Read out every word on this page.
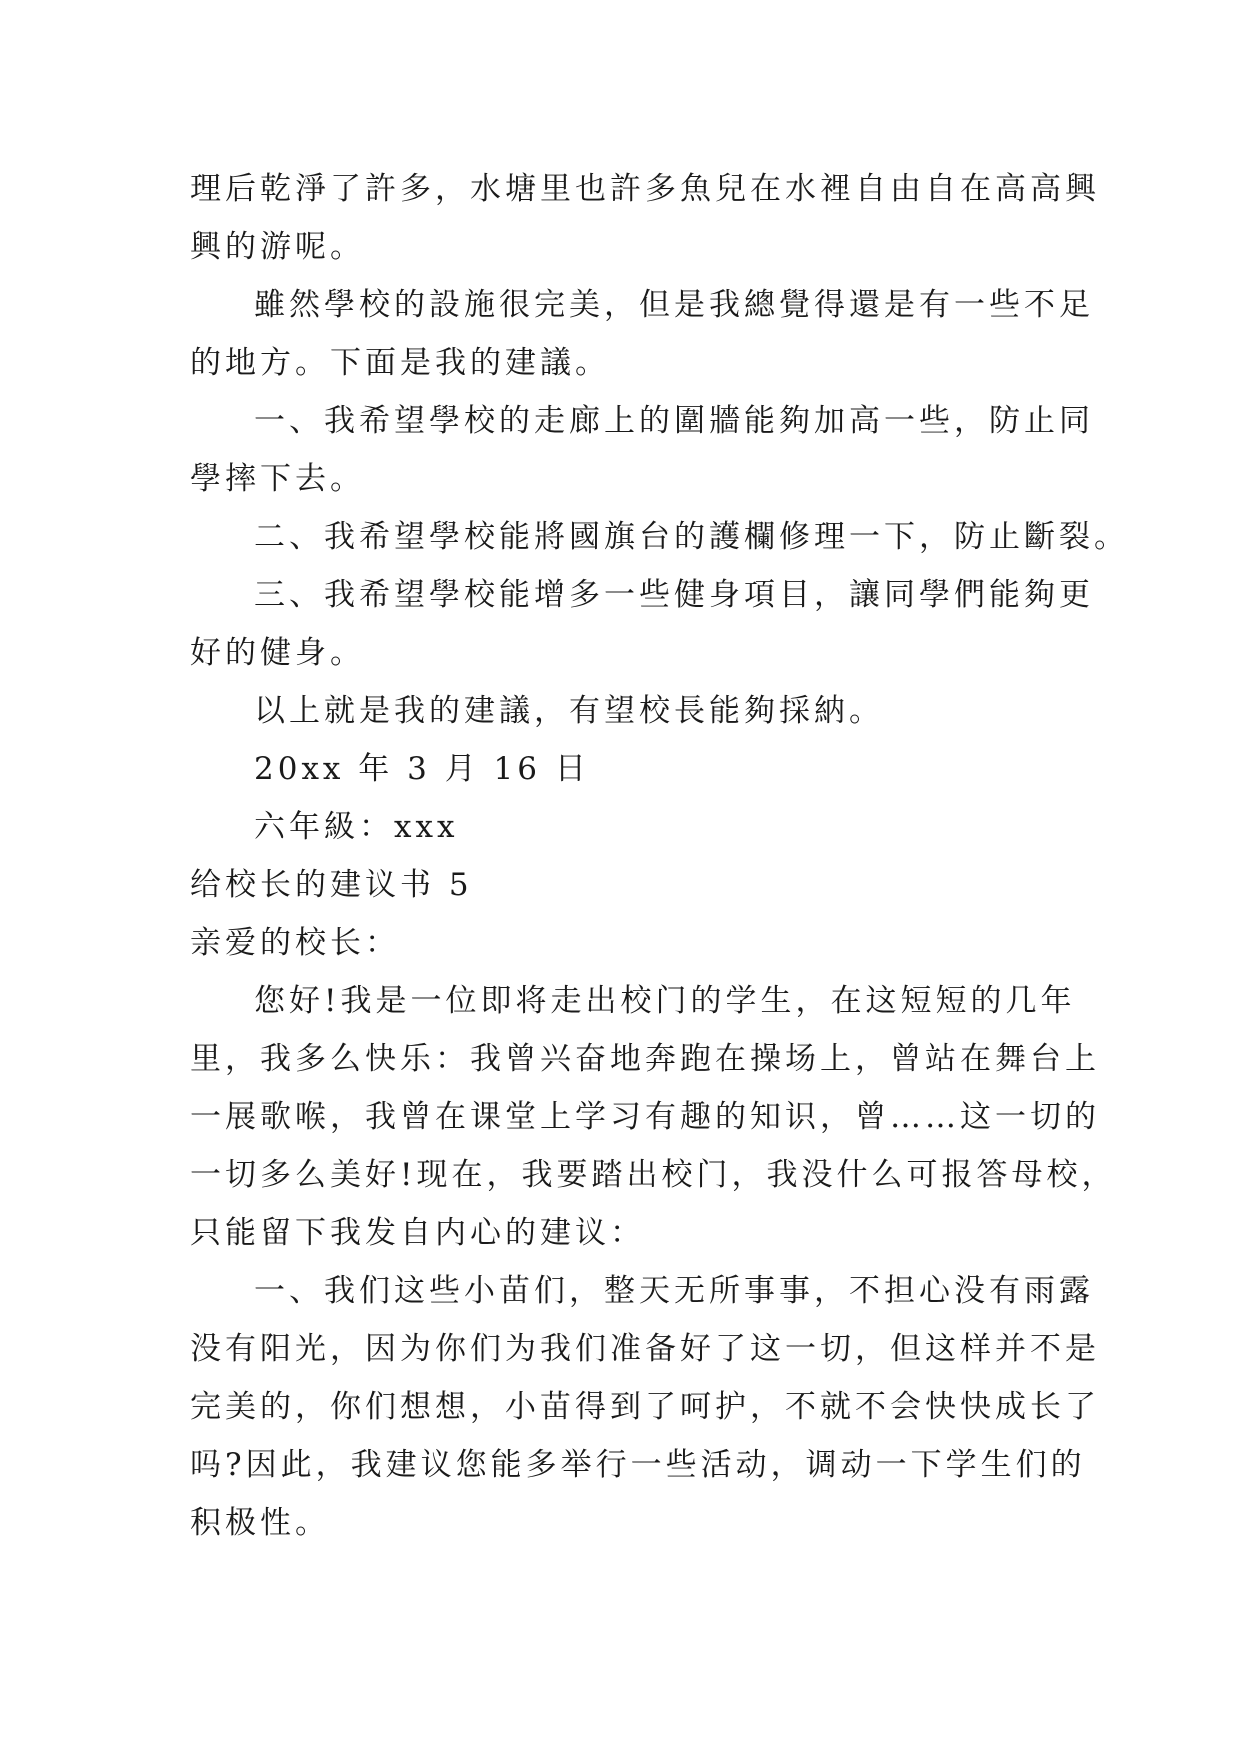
理后乾淨了許多，水塘里也許多魚兒在水裡自由自在高高興
興的游呢。
雖然學校的設施很完美，但是我總覺得還是有一些不足
的地方。下面是我的建議。
一、我希望學校的走廊上的圍牆能夠加高一些，防止同
學摔下去。
二、我希望學校能將國旗台的護欄修理一下，防止斷裂。
三、我希望學校能增多一些健身項目，讓同學們能夠更
好的健身。
以上就是我的建議，有望校長能夠採納。
20xx 年 3 月 16 日
六年級：xxx
给校长的建议书 5
亲爱的校长：
您好!我是一位即将走出校门的学生，在这短短的几年
里，我多么快乐：我曾兴奋地奔跑在操场上，曾站在舞台上
一展歌喉，我曾在课堂上学习有趣的知识，曾……这一切的
一切多么美好!现在，我要踏出校门，我没什么可报答母校，
只能留下我发自内心的建议：
一、我们这些小苗们，整天无所事事，不担心没有雨露
没有阳光，因为你们为我们准备好了这一切，但这样并不是
完美的，你们想想，小苗得到了呵护，不就不会快快成长了
吗?因此，我建议您能多举行一些活动，调动一下学生们的
积极性。
